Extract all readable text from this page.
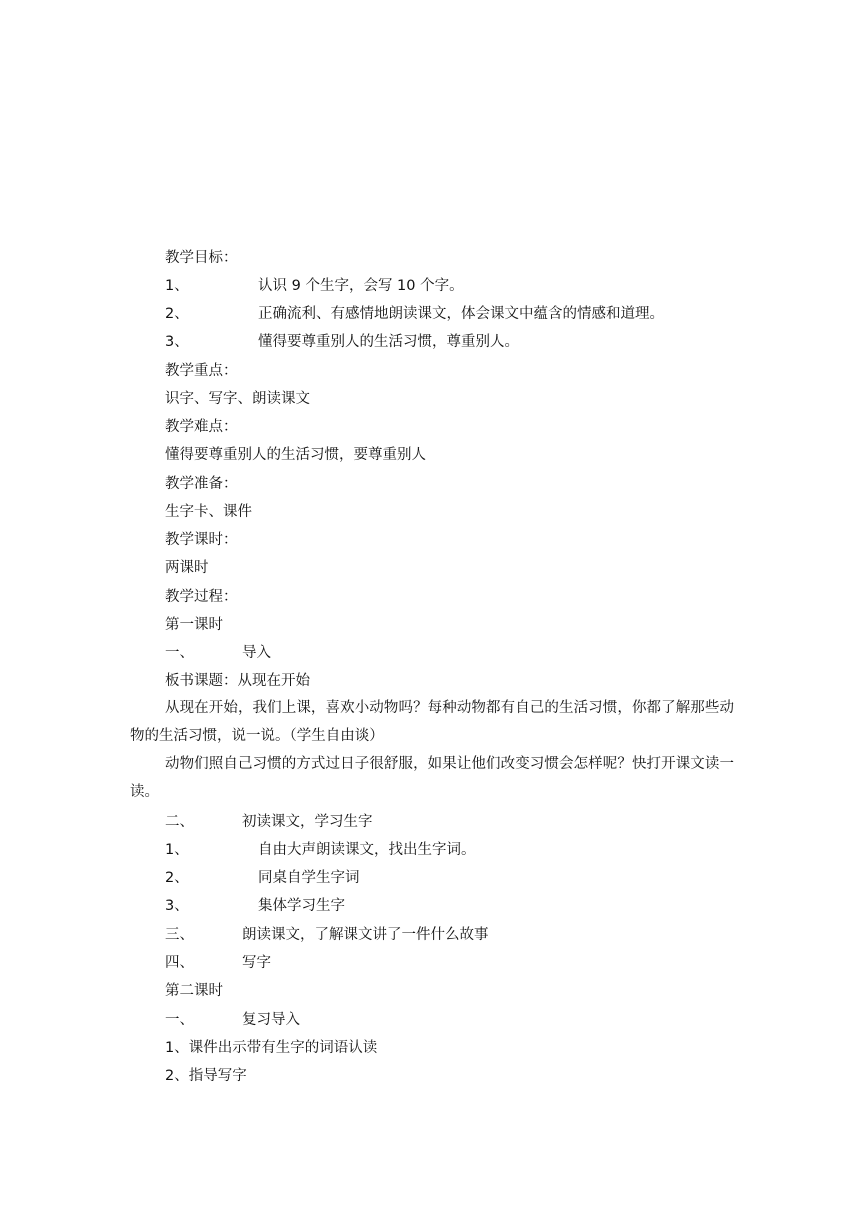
教学目标：
1、	认识 9 个生字，会写 10 个字。
2、	正确流利、有感情地朗读课文，体会课文中蕴含的情感和道理。
3、	懂得要尊重别人的生活习惯，尊重别人。
教学重点：
识字、写字、朗读课文
教学难点：
懂得要尊重别人的生活习惯，要尊重别人
教学准备：
生字卡、课件
教学课时：
两课时
教学过程：
第一课时
一、	导入
板书课题：从现在开始
从现在开始，我们上课，喜欢小动物吗？每种动物都有自己的生活习惯，你都了解那些动物的生活习惯，说一说。（学生自由谈）
动物们照自己习惯的方式过日子很舒服，如果让他们改变习惯会怎样呢？快打开课文读一读。
二、	初读课文，学习生字
1、	自由大声朗读课文，找出生字词。
2、	同桌自学生字词
3、	集体学习生字
三、	朗读课文，了解课文讲了一件什么故事
四、	写字
第二课时
一、	复习导入
1、课件出示带有生字的词语认读
2、指导写字
